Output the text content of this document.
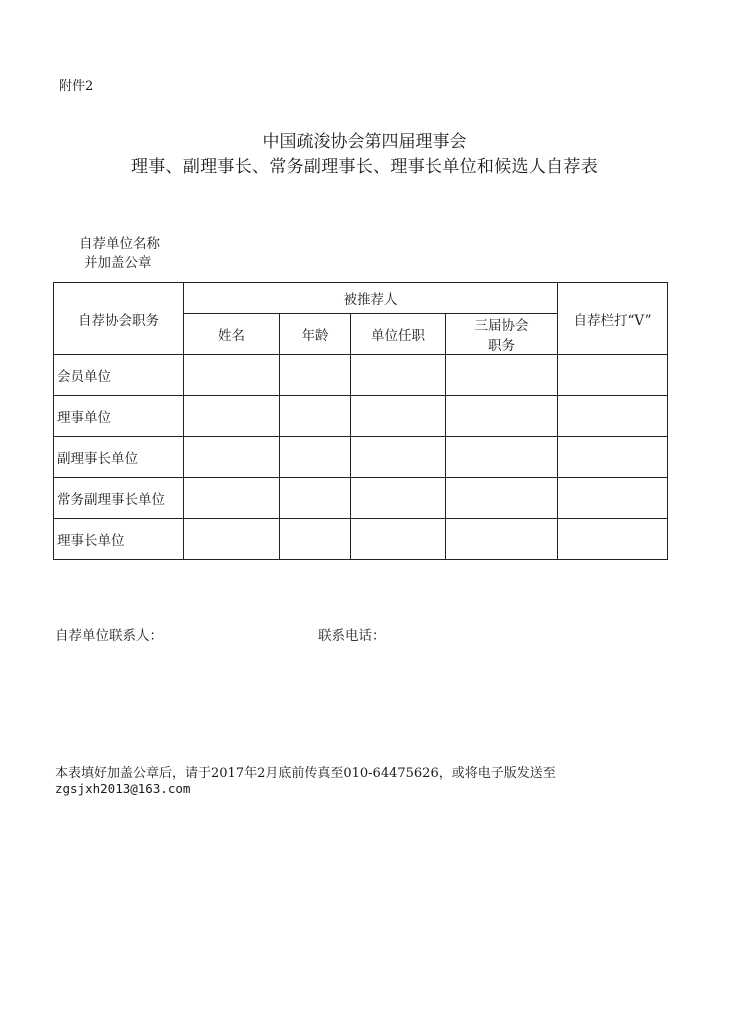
附件2
中国疏浚协会第四届理事会
理事、副理事长、常务副理事长、理事长单位和候选人自荐表
自荐单位名称
并加盖公章
自荐协会职务	被推荐人				自荐栏打“V”
	姓名	年龄	单位任职	三届协会
职务	

会员单位					
理事单位					
副理事长单位					
常务副理事长单位					
理事长单位					
自荐单位联系人：	联系电话：
本表填好加盖公章后，请于2017年2月底前传真至010-64475626，或将电子版发送至
zgsjxh2013@163.com
